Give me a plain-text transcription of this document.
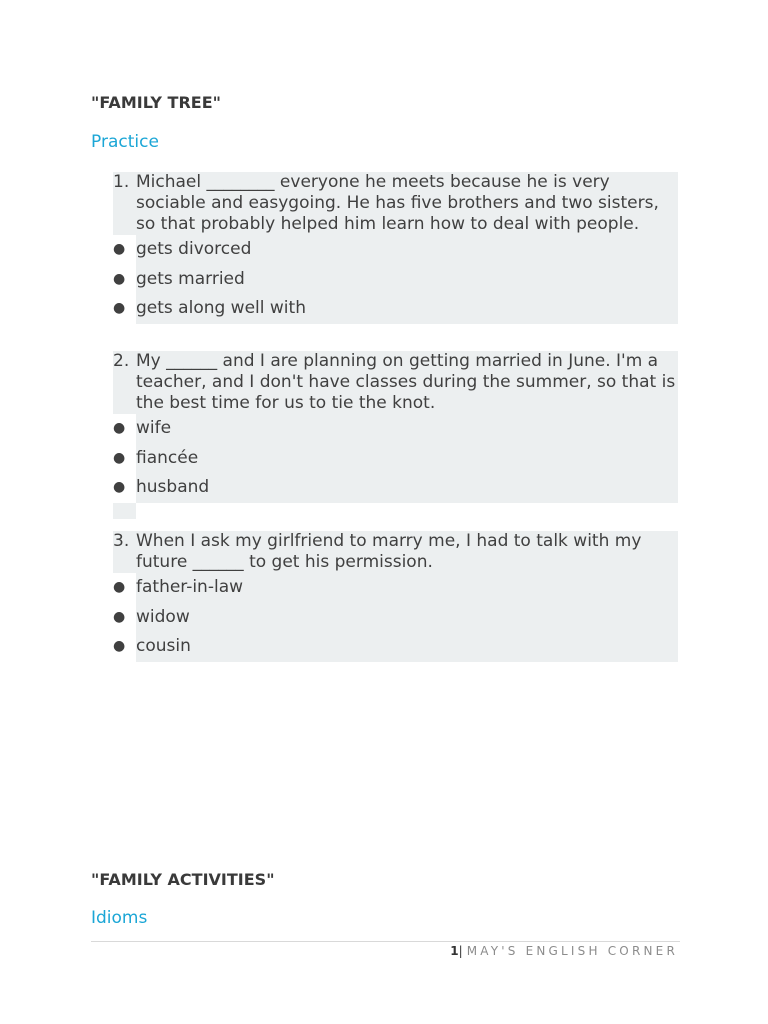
"FAMILY TREE"
Practice
1. Michael ________ everyone he meets because he is very sociable and easygoing. He has five brothers and two sisters, so that probably helped him learn how to deal with people.
● gets divorced
● gets married
● gets along well with
2. My ______ and I are planning on getting married in June. I'm a teacher, and I don't have classes during the summer, so that is the best time for us to tie the knot.
● wife
● fiancée
● husband
3. When I ask my girlfriend to marry me, I had to talk with my future ______ to get his permission.
● father-in-law
● widow
● cousin
"FAMILY ACTIVITIES"
Idioms
1| MAY'S ENGLISH CORNER
